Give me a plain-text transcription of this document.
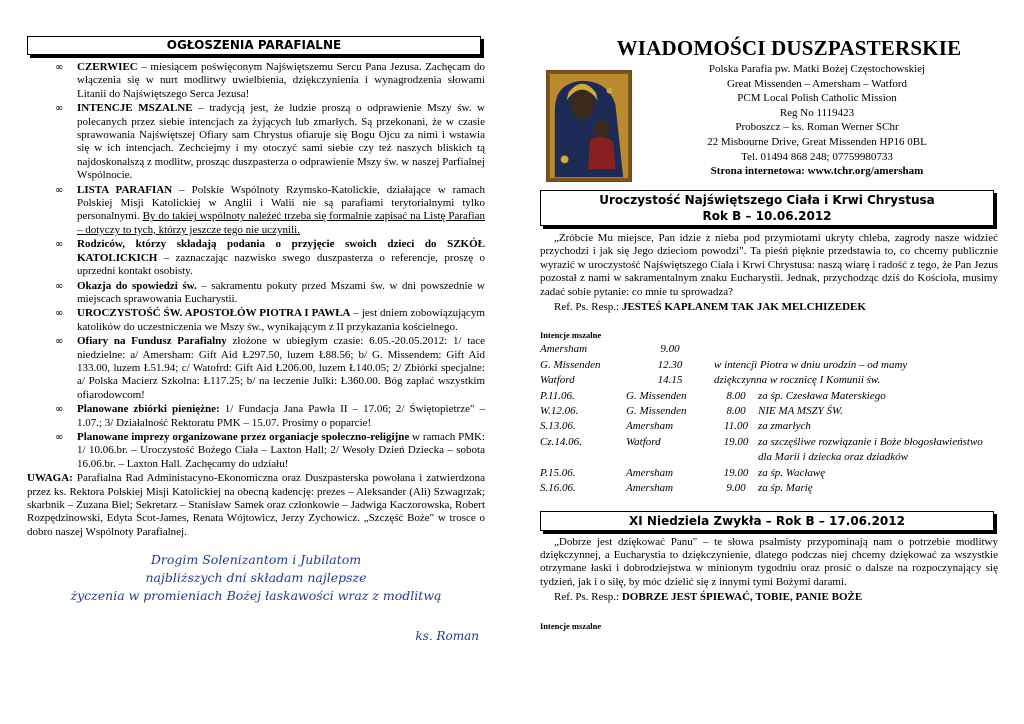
OGŁOSZENIA PARAFIALNE
∞ CZERWIEC – miesiącem poświęconym Najświętszemu Sercu Pana Jezusa. Zachęcam do włączenia się w nurt modlitwy uwielbienia, dziękczynienia i wynagrodzenia słowami Litanii do Najświętszego Serca Jezusa!
∞ INTENCJE MSZALNE – tradycją jest, że ludzie proszą o odprawienie Mszy św. w polecanych przez siebie intencjach za żyjących lub zmarłych. Są przekonani, że w czasie sprawowania Najświętszej Ofiary sam Chrystus ofiaruje się Bogu Ojcu za nimi i wstawia się w ich intencjach. Zechciejmy i my otoczyć sami siebie czy też naszych bliskich tą najdoskonalszą z modlitw, prosząc duszpasterza o odprawienie Mszy św. w naszej Parfialnej Wspólnocie.
∞ LISTA PARAFIAN – Polskie Wspólnoty Rzymsko-Katolickie, działające w ramach Polskiej Misji Katolickiej w Anglii i Walii nie są parafiami terytorialnymi tylko personalnymi. By do takiej wspólnoty należeć trzeba się formalnie zapisać na Listę Parafian – dotyczy to tych, którzy jeszcze tego nie uczynili.
∞ Rodziców, którzy składają podania o przyjęcie swoich dzieci do SZKÓŁ KATOLICKICH – zaznaczając nazwisko swego duszpasterza o referencje, proszę o uprzedni kontakt osobisty.
∞ Okazja do spowiedzi św. – sakramentu pokuty przed Mszami św. w dni powszednie w miejscach sprawowania Eucharystii.
∞ UROCZYSTOŚĆ ŚW. APOSTOŁÓW PIOTRA I PAWŁA – jest dniem zobowiązującym katolików do uczestniczenia we Mszy św., wynikającym z II przykazania kościelnego.
∞ Ofiary na Fundusz Parafialny złożone w ubiegłym czasie: 6.05.-20.05.2012: 1/ tace niedzielne: a/ Amersham: Gift Aid Ł297.50, luzem Ł88.56; b/ G. Missendem: Gift Aid 133.00, luzem Ł51.94; c/ Watofrd: Gift Aid Ł206.00, luzem Ł140.05; 2/ Zbiórki specjalne: a/ Polska Macierz Szkolna: Ł117.25; b/ na leczenie Julki: Ł360.00. Bóg zapłać wszystkim ofiarodowcom!
∞ Planowane zbiórki pieniężne: 1/ Fundacja Jana Pawła II – 17.06; 2/ Świętopietrze" – 1.07.; 3/ Działalność Rektoratu PMK – 15.07. Prosimy o poparcie!
∞ Planowane imprezy organizowane przez organiacje społeczno-religijne w ramach PMK: 1/ 10.06.br. – Uroczystość Bożego Ciała – Laxton Hall; 2/ Wesoły Dzień Dziecka – sobota 16.06.br. – Laxton Hall. Zachęcamy do udziału!
UWAGA: Parafialna Rad Administacyno-Ekonomiczna oraz Duszpasterska powołana i zatwierdzona przez ks. Rektora Polskiej Misji Katolickiej na obecną kadencję: prezes – Aleksander (Ali) Szwagrzak; skarbnik – Zuzana Biel; Sekretarz – Stanisław Samek oraz członkowie – Jadwiga Kaczorowska, Robert Rozpędzinowski, Edyta Scot-James, Renata Wójtowicz, Jerzy Zychowicz. „Szczęść Boże" w trosce o dobro naszej Wspólnoty Parafialnej.
Drogim Solenizantom i Jubilatom
najbliższych dni składam najlepsze
życzenia w promieniach Bożej łaskawości wraz z modlitwą
ks. Roman
WIADOMOŚCI DUSZPASTERSKIE
Polska Parafia pw. Matki Bożej Częstochowskiej
Great Missenden – Amersham – Watford
PCM Local Polish Catholic Mission
Reg No 1119423
Proboszcz – ks. Roman Werner SChr
22 Misbourne Drive, Great Missenden HP16 0BL
Tel. 01494 868 248; 07759980733
Strona internetowa: www.tchr.org/amersham
Uroczystość Najświętszego Ciała i Krwi Chrystusa
Rok B – 10.06.2012
„Zróbcie Mu miejsce, Pan idzie z nieba pod przymiotami ukryty chleba, zagrody nasze widzieć przychodzi i jak się Jego dzieciom powodzi". Ta pieśń pięknie przedstawia to, co chcemy publicznie wyrazić w uroczystość Najświętszego Ciała i Krwi Chrystusa: naszą wiarę i radość z tego, że Pan Jezus pozostał z nami w sakramentalnym znaku Eucharystii. Jednak, przychodząc dziś do Kościoła, musimy zadać sobie pytanie: co mnie tu sprowadza?
Ref. Ps. Resp.: JESTEŚ KAPŁANEM TAK JAK MELCHIZEDEK
Intencje mszalne
Amersham	9.00		
G. Missenden	12.30	w intencji Piotra w dniu urodzin – od mamy	
Watford	14.15	dziękczynna w rocznicę I Komunii św.	
P.11.06.	G. Missenden	8.00	za śp. Czesława Materskiego
W.12.06.	G. Missenden	8.00	NIE MA MSZY ŚW.
S.13.06.	Amersham	11.00	za zmarłych
Cz.14.06.	Watford	19.00	za szczęśliwe rozwiązanie i Boże błogosławieństwo dla Marii i dziecka oraz dziadków
P.15.06.	Amersham	19.00	za śp. Wacławę
S.16.06.	Amersham	9.00	za śp. Marię
XI Niedziela Zwykła – Rok B – 17.06.2012
„Dobrze jest dziękować Panu" – te słowa psalmisty przypominają nam o potrzebie modlitwy dziękczynnej, a Eucharystia to dziękczynienie, dlatego podczas niej chcemy dziękować za wszystkie otrzymane łaski i dobrodziejstwa w minionym tygodniu oraz prosić o dalsze na rozpoczynający się tydzień, jak i o siłę, by móc dzielić się z innymi tymi Bożymi darami.
Ref. Ps. Resp.: DOBRZE JEST ŚPIEWAĆ, TOBIE, PANIE BOŻE
Intencje mszalne
